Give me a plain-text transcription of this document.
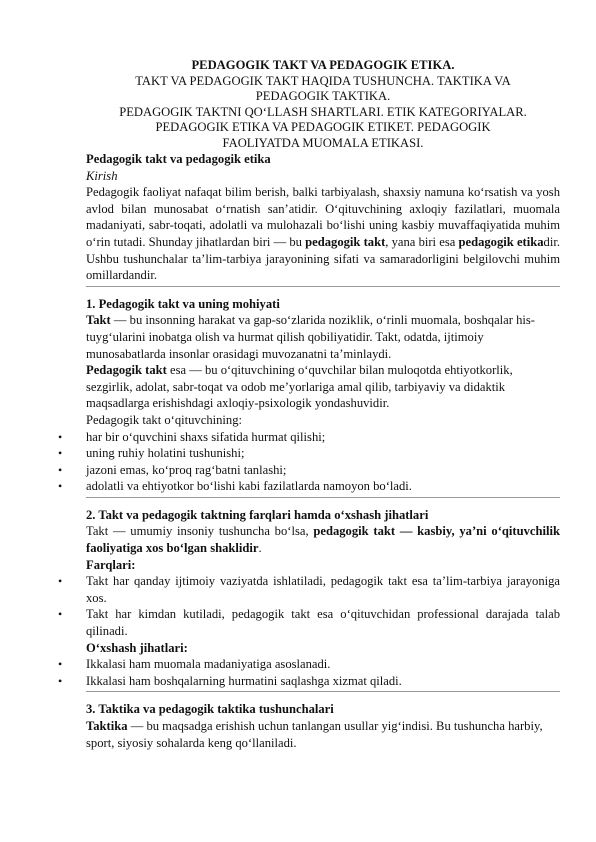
PEDAGOGIK TAKT VA PEDAGOGIK ETIKA.
TAKT VA PEDAGOGIK TAKT HAQIDA TUSHUNCHA. TAKTIKA VA
PEDAGOGIK TAKTIKA.
PEDAGOGIK TAKTNI QO‘LLASH SHARTLARI. ETIK KATEGORIYALAR.
PEDAGOGIK ETIKA VA PEDAGOGIK ETIKET. PEDAGOGIK
FAOLIYATDA MUOMALA ETIKASI.

Pedagogik takt va pedagogik etika

Kirish

Pedagogik faoliyat nafaqat bilim berish, balki tarbiyalash, shaxsiy namuna ko‘rsatish va yosh avlod bilan munosabat o‘rnatish san’atidir. O‘qituvchining axloqiy fazilatlari, muomala madaniyati, sabr-toqati, adolatli va mulohazali bo‘lishi uning kasbiy muvaffaqiyatida muhim o‘rin tutadi. Shunday jihatlardan biri — bu pedagogik takt, yana biri esa pedagogik etikadir. Ushbu tushunchalar ta’lim-tarbiya jarayonining sifati va samaradorligini belgilovchi muhim omillardandir.

1. Pedagogik takt va uning mohiyati

Takt — bu insonning harakat va gap-so‘zlarida noziklik, o‘rinli muomala, boshqalar his-tuyg‘ularini inobatga olish va hurmat qilish qobiliyatidir. Takt, odatda, ijtimoiy munosabatlarda insonlar orasidagi muvozanatni ta’minlaydi.

Pedagogik takt esa — bu o‘qituvchining o‘quvchilar bilan muloqotda ehtiyotkorlik, sezgirlik, adolat, sabr-toqat va odob me’yorlariga amal qilib, tarbiyaviy va didaktik maqsadlarga erishishdagi axloqiy-psixologik yondashuvidir.

Pedagogik takt o‘qituvchining:

• har bir o‘quvchini shaxs sifatida hurmat qilishi;
• uning ruhiy holatini tushunishi;
• jazoni emas, ko‘proq rag‘batni tanlashi;
• adolatli va ehtiyotkor bo‘lishi kabi fazilatlarda namoyon bo‘ladi.

2. Takt va pedagogik taktning farqlari hamda o‘xshash jihatlari

Takt — umumiy insoniy tushuncha bo‘lsa, pedagogik takt — kasbiy, ya’ni o‘qituvchilik faoliyatiga xos bo‘lgan shaklidir.

Farqlari:

• Takt har qanday ijtimoiy vaziyatda ishlatiladi, pedagogik takt esa ta’lim-tarbiya jarayoniga xos.
• Takt har kimdan kutiladi, pedagogik takt esa o‘qituvchidan professional darajada talab qilinadi.

O‘xshash jihatlari:

• Ikkalasi ham muomala madaniyatiga asoslanadi.
• Ikkalasi ham boshqalarning hurmatini saqlashga xizmat qiladi.

3. Taktika va pedagogik taktika tushunchalari

Taktika — bu maqsadga erishish uchun tanlangan usullar yig‘indisi. Bu tushuncha harbiy, sport, siyosiy sohalarda keng qo‘llaniladi.
